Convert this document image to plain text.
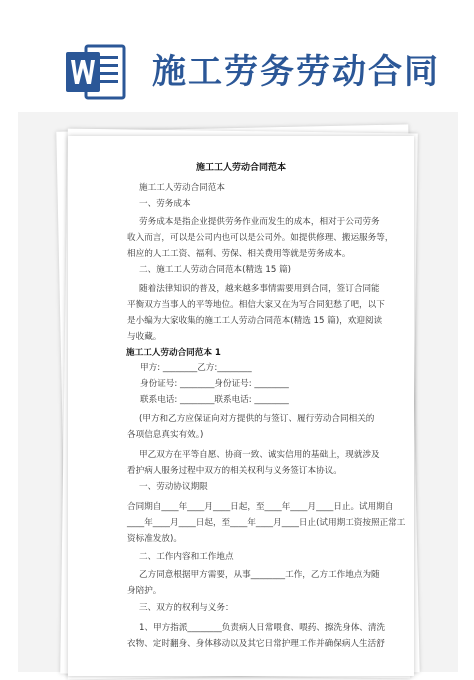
施工劳务劳动合同
施工工人劳动合同范本
施工工人劳动合同范本
一、劳务成本
劳务成本是指企业提供劳务作业而发生的成本，相对于公司劳务
收入而言，可以是公司内也可以是公司外。如提供修理、搬运服务等，
相应的人工工资、福利、劳保、相关费用等就是劳务成本。
二、施工工人劳动合同范本(精选 15 篇)
随着法律知识的普及，越来越多事情需要用到合同，签订合同能
平衡双方当事人的平等地位。相信大家又在为写合同犯愁了吧，以下
是小编为大家收集的施工工人劳动合同范本(精选 15 篇)，欢迎阅读
与收藏。
施工工人劳动合同范本 1
甲方: ________乙方:________
身份证号: ________身份证号: ________
联系电话: ________联系电话: ________
(甲方和乙方应保证向对方提供的与签订、履行劳动合同相关的
各项信息真实有效。)
甲乙双方在平等自愿、协商一致、诚实信用的基础上，现就涉及
看护病人服务过程中双方的相关权利与义务签订本协议。
一、劳动协议期限
合同期自____年____月____日起，至____年____月____日止。试用期自
____年____月____日起，至____年____月____日止(试用期工资按照正常工
资标准发放)。
二、工作内容和工作地点
乙方同意根据甲方需要，从事________工作，乙方工作地点为随
身陪护。
三、双方的权利与义务：
1、甲方指派________负责病人日常喂食、喂药、擦洗身体、清洗
衣物、定时翻身、身体移动以及其它日常护理工作并确保病人生活舒
